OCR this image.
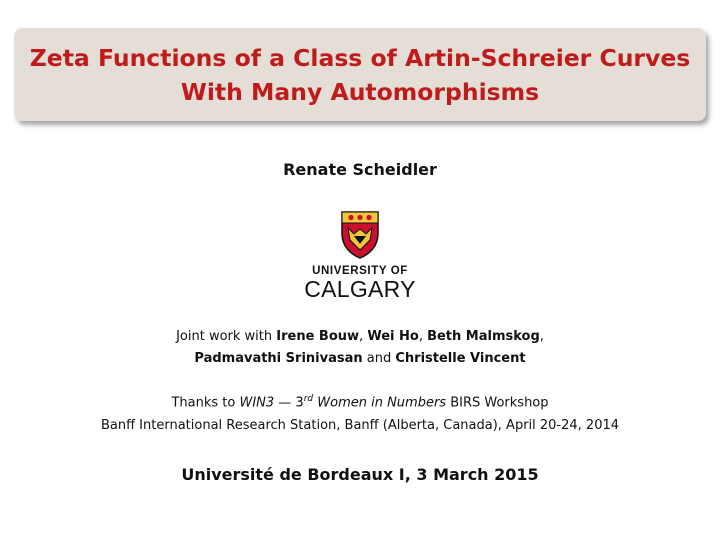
Zeta Functions of a Class of Artin-Schreier Curves
With Many Automorphisms
Renate Scheidler
UNIVERSITY OF
CALGARY
Joint work with Irene Bouw, Wei Ho, Beth Malmskog,
Padmavathi Srinivasan and Christelle Vincent
Thanks to WIN3 — 3rd Women in Numbers BIRS Workshop
Banff International Research Station, Banff (Alberta, Canada), April 20-24, 2014
Université de Bordeaux I, 3 March 2015
